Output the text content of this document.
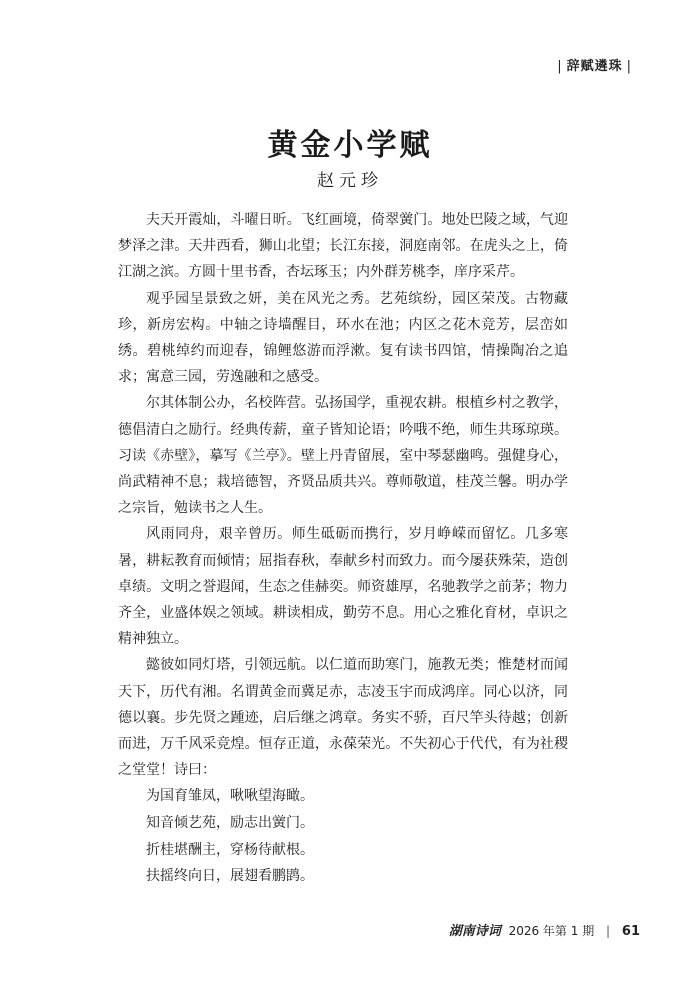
| 辞赋遴珠 |
黄金小学赋
赵元珍

夫天开霞灿，斗曜日昕。飞红画境，倚翠黉门。地处巴陵之域，气迎梦泽之津。天井西看，狮山北望；长江东接，洞庭南邻。在虎头之上，倚江湖之滨。方圆十里书香，杏坛琢玉；内外群芳桃李，庠序采芹。

观乎园呈景致之妍，美在风光之秀。艺苑缤纷，园区荣茂。古物藏珍，新房宏构。中轴之诗墙醒目，环水在池；内区之花木竞芳，层峦如绣。碧桃绰约而迎春，锦鲤悠游而浮漱。复有读书四馆，情操陶冶之追求；寓意三园，劳逸融和之感受。

尔其体制公办，名校阵营。弘扬国学，重视农耕。根植乡村之教学，德倡清白之励行。经典传薪，童子皆知论语；吟哦不绝，师生共琢琼瑛。习读《赤壁》，摹写《兰亭》。壁上丹青留展，室中琴瑟幽鸣。强健身心，尚武精神不息；栽培德智，齐贤品质共兴。尊师敬道，桂茂兰馨。明办学之宗旨，勉读书之人生。

风雨同舟，艰辛曾历。师生砥砺而携行，岁月峥嵘而留忆。几多寒暑，耕耘教育而倾情；屈指春秋，奉献乡村而致力。而今屡获殊荣，造创卓绩。文明之誉遐闻，生态之佳赫奕。师资雄厚，名驰教学之前茅；物力齐全，业盛体娱之领域。耕读相成，勤劳不息。用心之雅化育材，卓识之精神独立。

懿彼如同灯塔，引领远航。以仁道而助寒门，施教无类；惟楚材而闻天下，历代有湘。名谓黄金而冀足赤，志凌玉宇而成鸿庠。同心以济，同德以襄。步先贤之踵迹，启后继之鸿章。务实不骄，百尺竿头待越；创新而进，万千风采竞煌。恒存正道，永葆荣光。不失初心于代代，有为社稷之堂堂！诗曰：

为国育雏凤，啾啾望海瞰。

知音倾艺苑，励志出黉门。

折桂堪酬主，穿杨待献根。

扶摇终向日，展翅看鹏鹍。

湖南诗词 2026 年第 1 期 | 61
